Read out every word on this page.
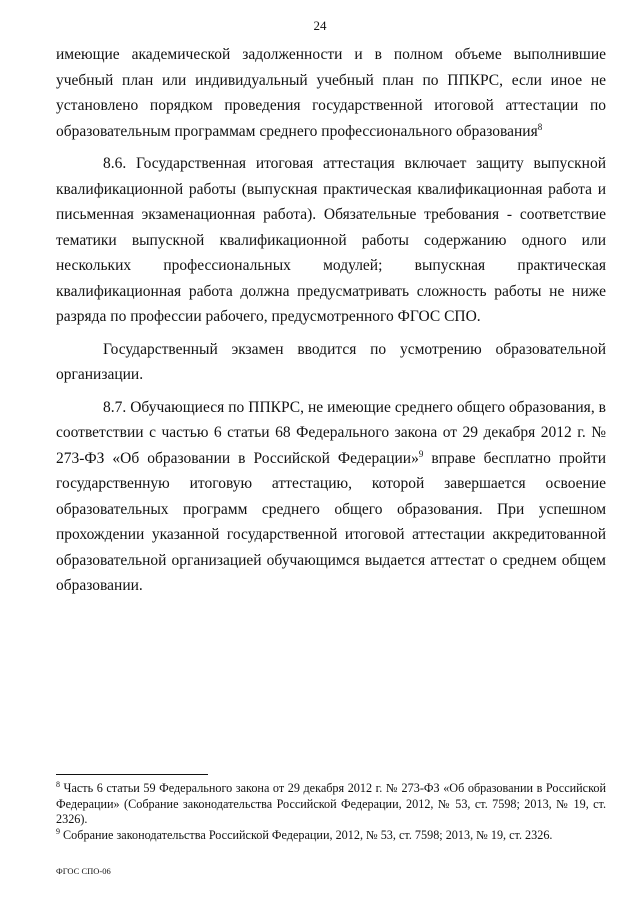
24

имеющие академической задолженности и в полном объеме выполнившие учебный план или индивидуальный учебный план по ППКРС, если иное не установлено порядком проведения государственной итоговой аттестации по образовательным программам среднего профессионального образования$^8$

8.6. Государственная итоговая аттестация включает защиту выпускной квалификационной работы (выпускная практическая квалификационная работа и письменная экзаменационная работа). Обязательные требования - соответствие тематики выпускной квалификационной работы содержанию одного или нескольких профессиональных модулей; выпускная практическая квалификационная работа должна предусматривать сложность работы не ниже разряда по профессии рабочего, предусмотренного ФГОС СПО.

Государственный экзамен вводится по усмотрению образовательной организации.

8.7. Обучающиеся по ППКРС, не имеющие среднего общего образования, в соответствии с частью 6 статьи 68 Федерального закона от 29 декабря 2012 г. № 273-ФЗ «Об образовании в Российской Федерации»$^9$ вправе бесплатно пройти государственную итоговую аттестацию, которой завершается освоение образовательных программ среднего общего образования. При успешном прохождении указанной государственной итоговой аттестации аккредитованной образовательной организацией обучающимся выдается аттестат о среднем общем образовании.

$^8$ Часть 6 статьи 59 Федерального закона от 29 декабря 2012 г. № 273-ФЗ «Об образовании в Российской Федерации» (Собрание законодательства Российской Федерации, 2012, № 53, ст. 7598; 2013, № 19, ст. 2326).

$^9$ Собрание законодательства Российской Федерации, 2012, № 53, ст. 7598; 2013, № 19, ст. 2326.

ФГОС СПО-06
